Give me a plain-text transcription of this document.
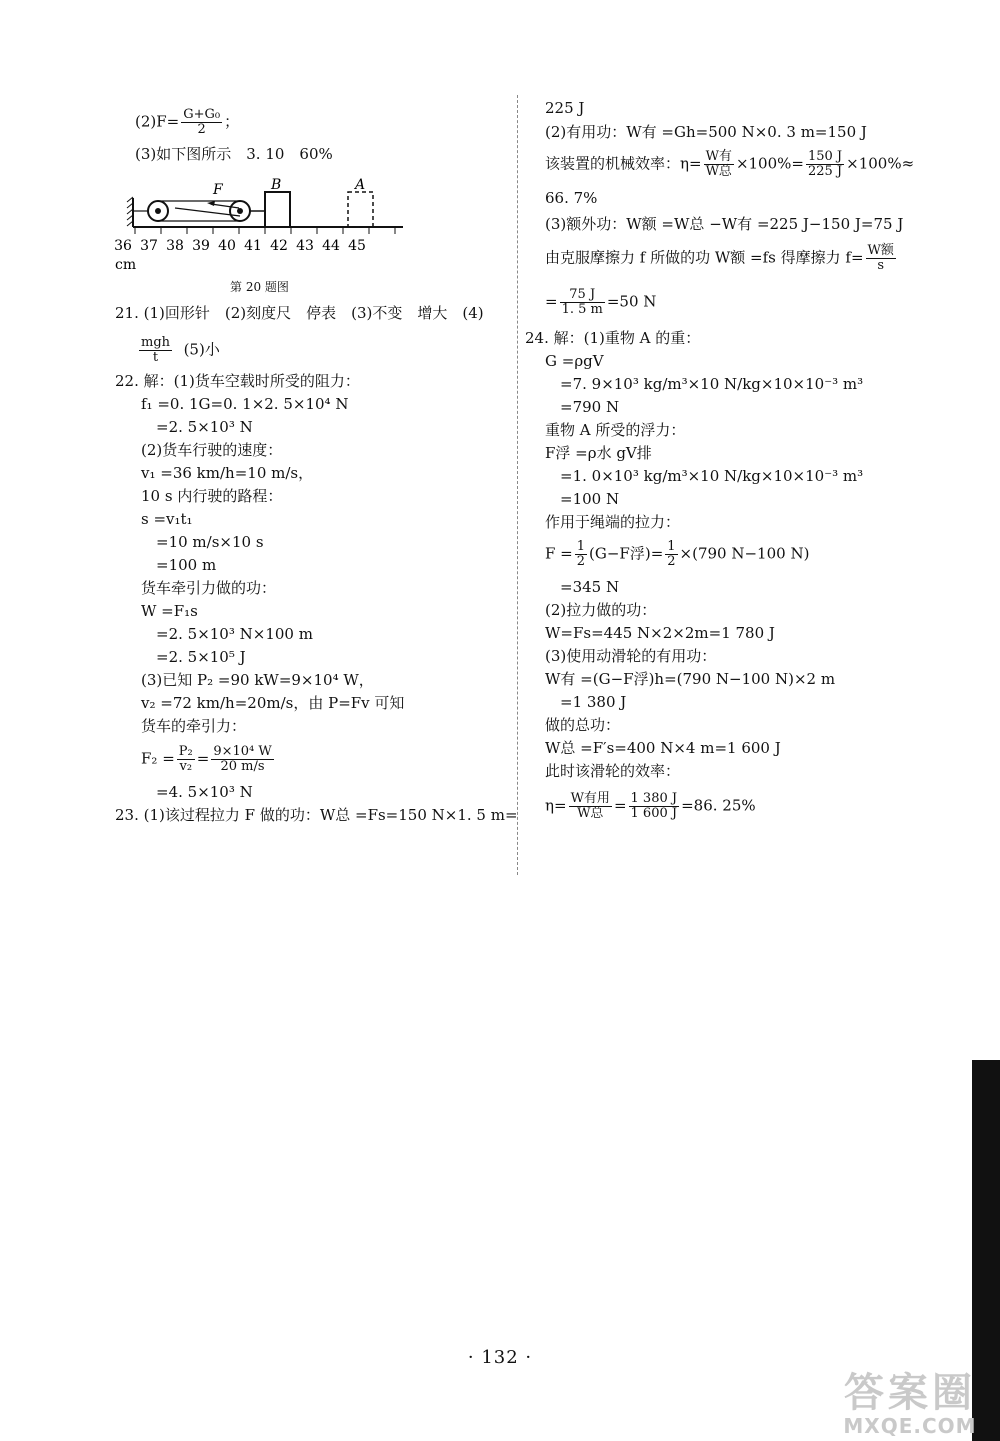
$(2)F= \frac{\text{G+G₀}}{2}$ ；
(3)如下图所示　3. 10　60%
F	B	A
36 37 38 39 40 41 42 43 44 45
cm
第 20 题图
21. (1)回形针　(2)刻度尺　停表　(3)不变　增大　(4)
$\frac{\text{mgh}}{t} (5)$小
22. 解：(1)货车空载时所受的阻力：
f₁ =0. 1G=0. 1×2. 5×10⁴ N
　=2. 5×10³ N
(2)货车行驶的速度：
v₁ =36 km/h=10 m/s，
10 s 内行驶的路程：
s =v₁t₁
　=10 m/s×10 s
　=100 m
货车牵引力做的功：
W =F₁s
　=2. 5×10³ N×100 m
　=2. 5×10⁵ J
(3)已知 P₂ =90 kW=9×10⁴ W，
v₂ =72 km/h=20m/s，由 P=Fv 可知
货车的牵引力：
$F_2 = \frac{\text{P₂}}{\text{v₂}} = \frac{\text{9×10⁴ W}}{20 m/s}$
　=4. 5×10³ N
23. (1)该过程拉力 F 做的功：W总 =Fs=150 N×1. 5 m=
225 J
(2)有用功：W有 =Gh=500 N×0. 3 m=150 J
该装置的机械效率：$\eta= \frac{\text{W有}}{\text{W总}} \times 100\%= \frac{150 J}{225 J} \times 100\%\approx$
66. 7%
(3)额外功：W额 =W总 −W有 =225 J−150 J=75 J
由克服摩擦力 f 所做的功 W额 =fs 得摩擦力 $f= \frac{\text{W额}}{s}$
= $\frac{75 J}{1. 5 m} =50$ N
24. 解：(1)重物 A 的重：
G =ρgV
　=7. 9×10³ kg/m³×10 N/kg×10×10⁻³ m³
　=790 N
重物 A 所受的浮力：
F浮 =ρ水 gV排
　=1. 0×10³ kg/m³×10 N/kg×10×10⁻³ m³
　=100 N
作用于绳端的拉力：
$F = \frac{1}{2} (G-F$浮)= $\frac{1}{2} \times(790$ N−100 N)
　=345 N
(2)拉力做的功：
W=Fs=445 N×2×2m=1 780 J
(3)使用动滑轮的有用功：
W有 =(G−F浮)h=(790 N−100 N)×2 m
　=1 380 J
做的总功：
W总 =F′s=400 N×4 m=1 600 J
此时该滑轮的效率：
$\eta= \frac{\text{W有用}}{\text{W总}} = \frac{1 380 J}{1 600 J} =86$. 25%
· 132 ·
答案圈
MXQE.COM
